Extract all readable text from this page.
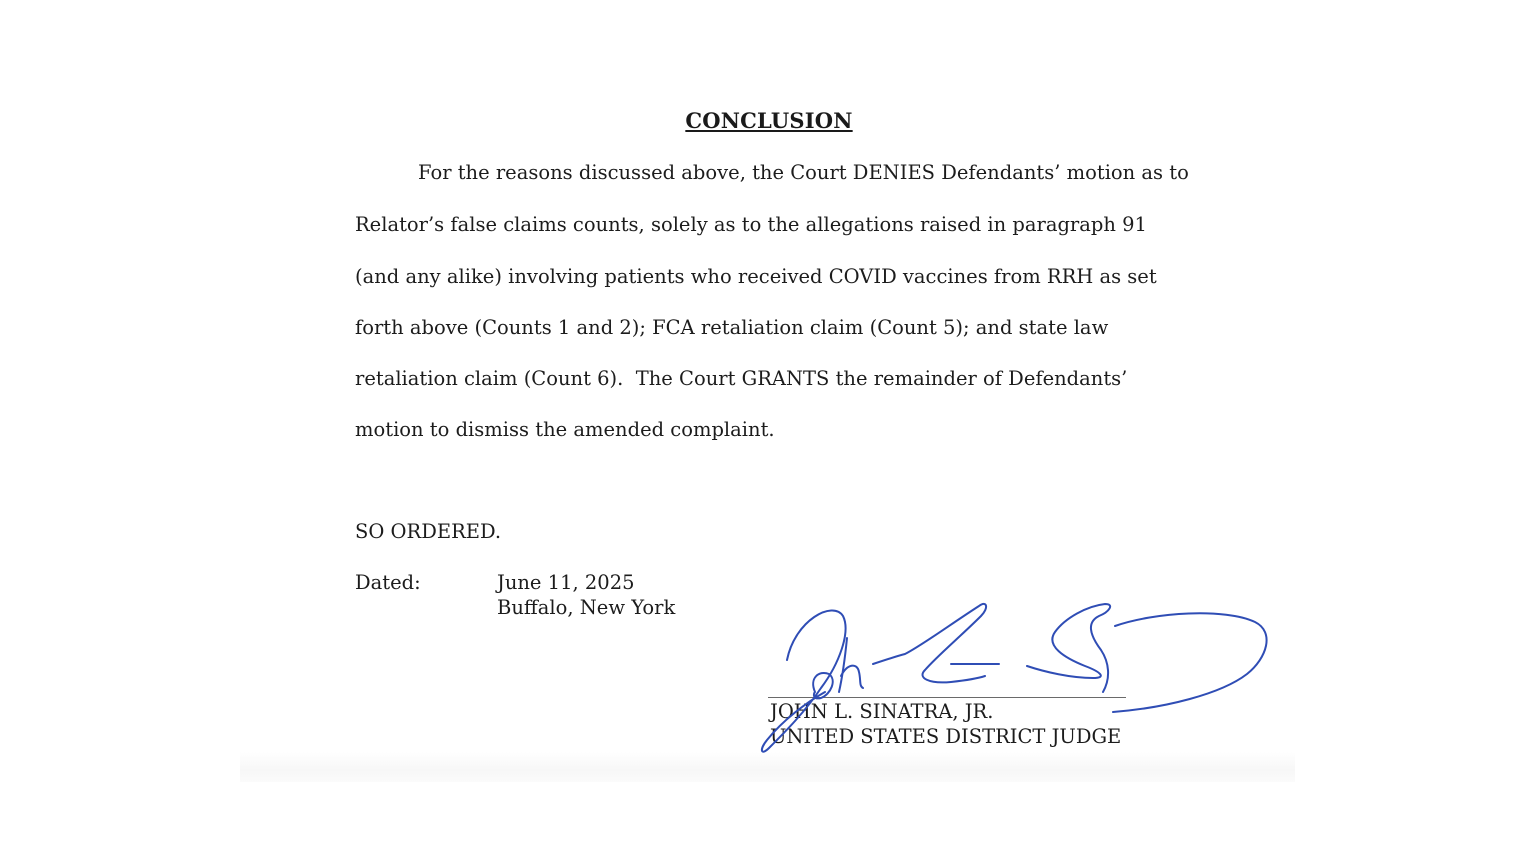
CONCLUSION
For the reasons discussed above, the Court DENIES Defendants’ motion as to
Relator’s false claims counts, solely as to the allegations raised in paragraph 91
(and any alike) involving patients who received COVID vaccines from RRH as set
forth above (Counts 1 and 2); FCA retaliation claim (Count 5); and state law
retaliation claim (Count 6).  The Court GRANTS the remainder of Defendants’
motion to dismiss the amended complaint.
SO ORDERED.
Dated:	June 11, 2025
Buffalo, New York
JOHN L. SINATRA, JR.
UNITED STATES DISTRICT JUDGE
